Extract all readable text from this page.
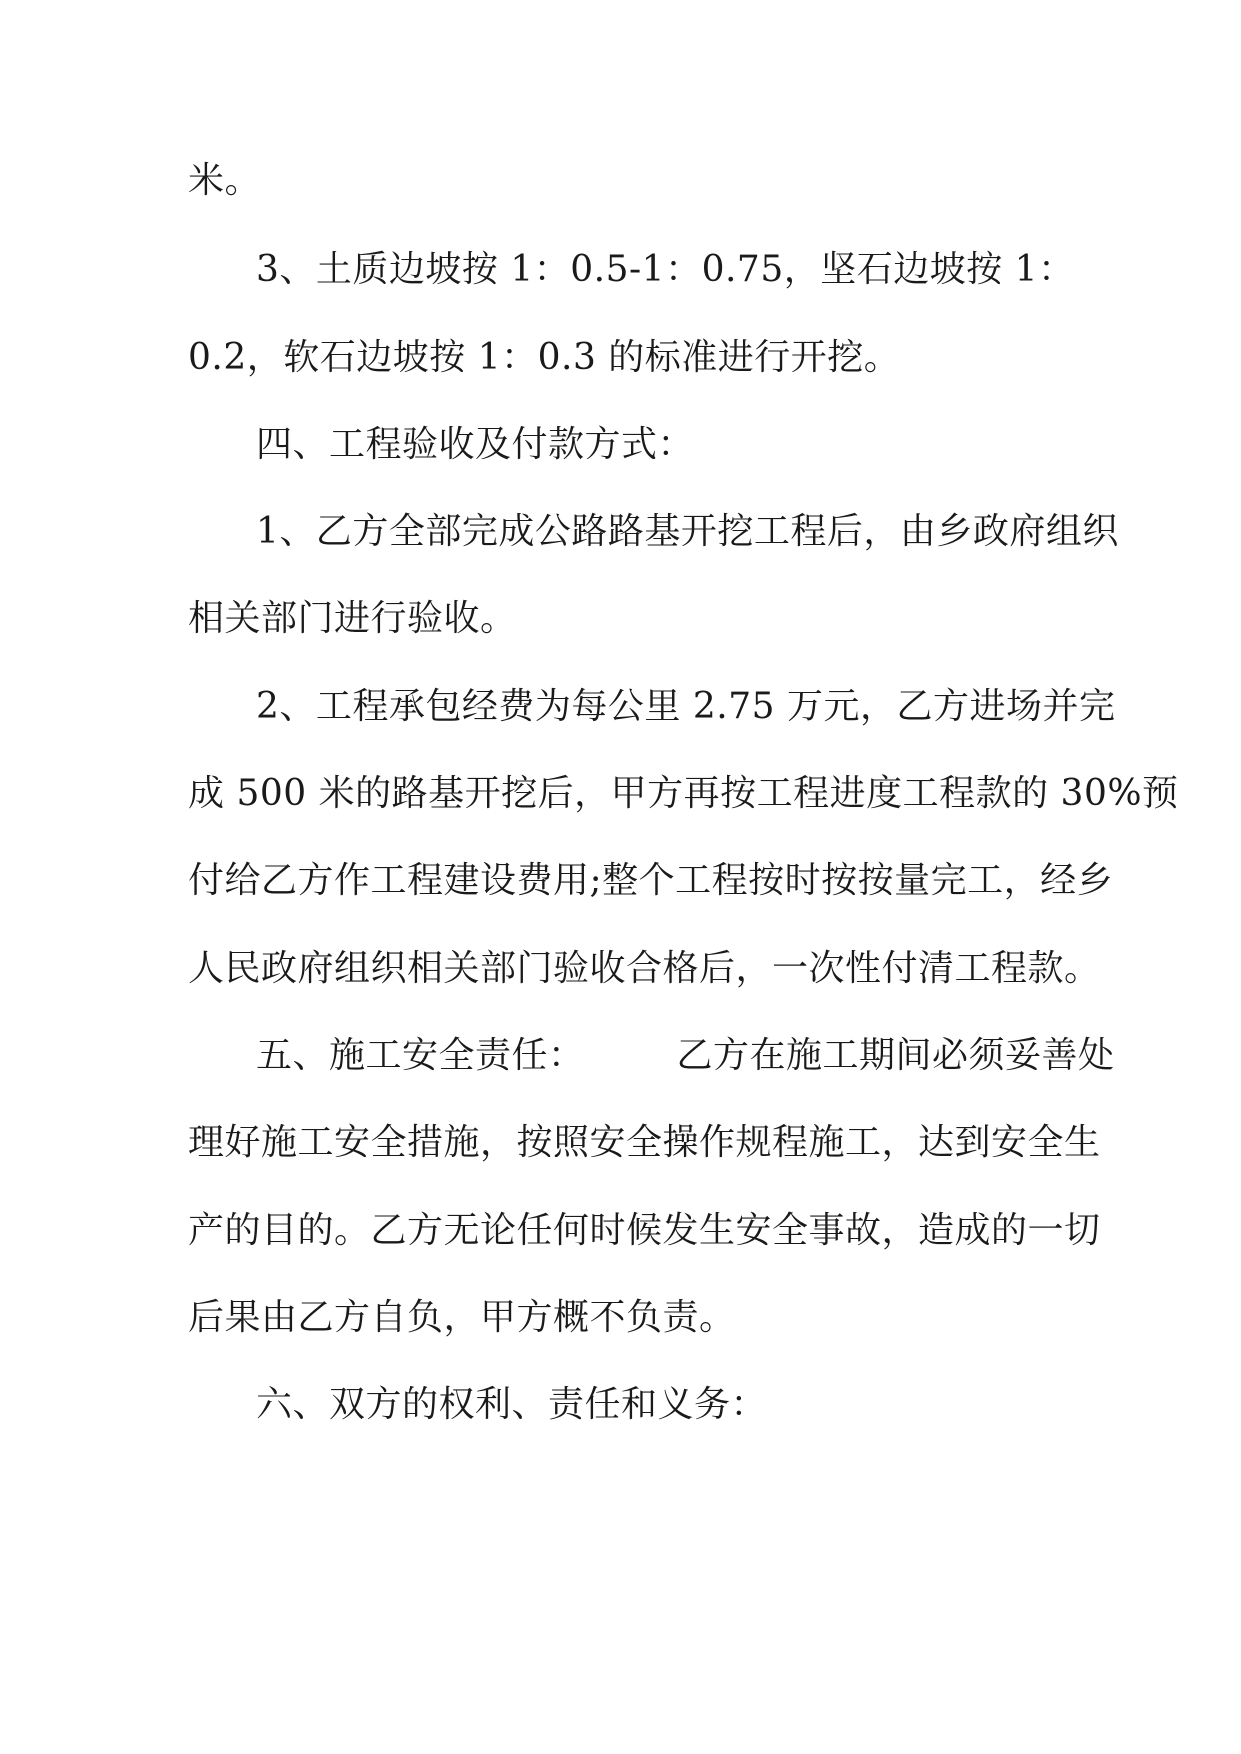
米。
3、土质边坡按 1：0.5-1：0.75，坚石边坡按 1：
0.2，软石边坡按 1：0.3 的标准进行开挖。
四、工程验收及付款方式：
1、乙方全部完成公路路基开挖工程后，由乡政府组织
相关部门进行验收。
2、工程承包经费为每公里 2.75 万元，乙方进场并完
成 500 米的路基开挖后，甲方再按工程进度工程款的 30%预
付给乙方作工程建设费用;整个工程按时按按量完工，经乡
人民政府组织相关部门验收合格后，一次性付清工程款。
五、施工安全责任：	乙方在施工期间必须妥善处
理好施工安全措施，按照安全操作规程施工，达到安全生
产的目的。乙方无论任何时候发生安全事故，造成的一切
后果由乙方自负，甲方概不负责。
六、双方的权利、责任和义务：
